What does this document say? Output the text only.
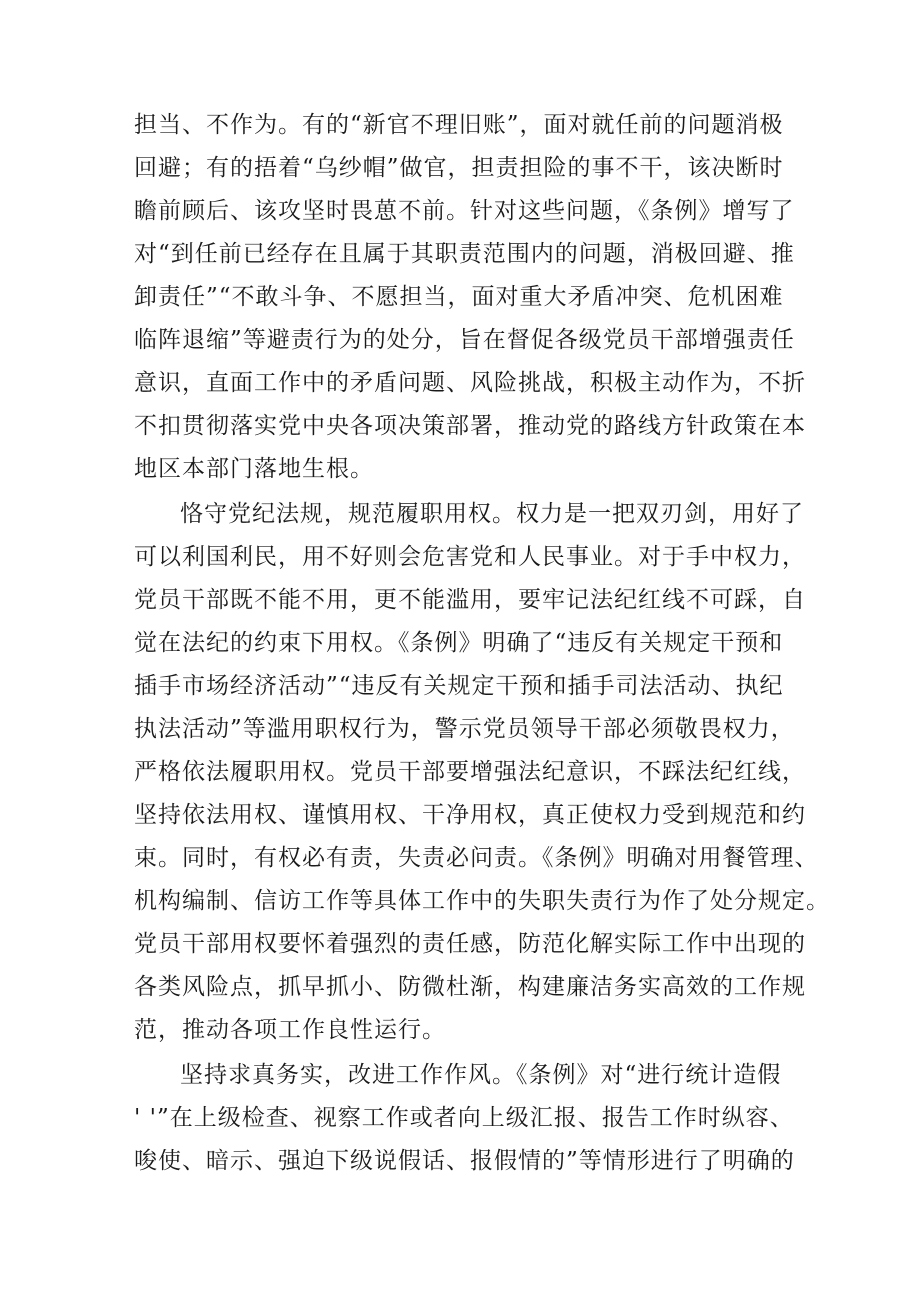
担当、不作为。有的“新官不理旧账”，面对就任前的问题消极
回避；有的捂着“乌纱帽”做官，担责担险的事不干，该决断时
瞻前顾后、该攻坚时畏葸不前。针对这些问题，《条例》增写了
对“到任前已经存在且属于其职责范围内的问题，消极回避、推
卸责任”“不敢斗争、不愿担当，面对重大矛盾冲突、危机困难
临阵退缩”等避责行为的处分，旨在督促各级党员干部增强责任
意识，直面工作中的矛盾问题、风险挑战，积极主动作为，不折
不扣贯彻落实党中央各项决策部署，推动党的路线方针政策在本
地区本部门落地生根。
恪守党纪法规，规范履职用权。权力是一把双刃剑，用好了
可以利国利民，用不好则会危害党和人民事业。对于手中权力，
党员干部既不能不用，更不能滥用，要牢记法纪红线不可踩，自
觉在法纪的约束下用权。《条例》明确了“违反有关规定干预和
插手市场经济活动”“违反有关规定干预和插手司法活动、执纪
执法活动”等滥用职权行为，警示党员领导干部必须敬畏权力，
严格依法履职用权。党员干部要增强法纪意识，不踩法纪红线，
坚持依法用权、谨慎用权、干净用权，真正使权力受到规范和约
束。同时，有权必有责，失责必问责。《条例》明确对用餐管理、
机构编制、信访工作等具体工作中的失职失责行为作了处分规定。
党员干部用权要怀着强烈的责任感，防范化解实际工作中出现的
各类风险点，抓早抓小、防微杜渐，构建廉洁务实高效的工作规
范，推动各项工作良性运行。
坚持求真务实，改进工作作风。《条例》对“进行统计造假
' '”在上级检查、视察工作或者向上级汇报、报告工作时纵容、
唆使、暗示、强迫下级说假话、报假情的”等情形进行了明确的
